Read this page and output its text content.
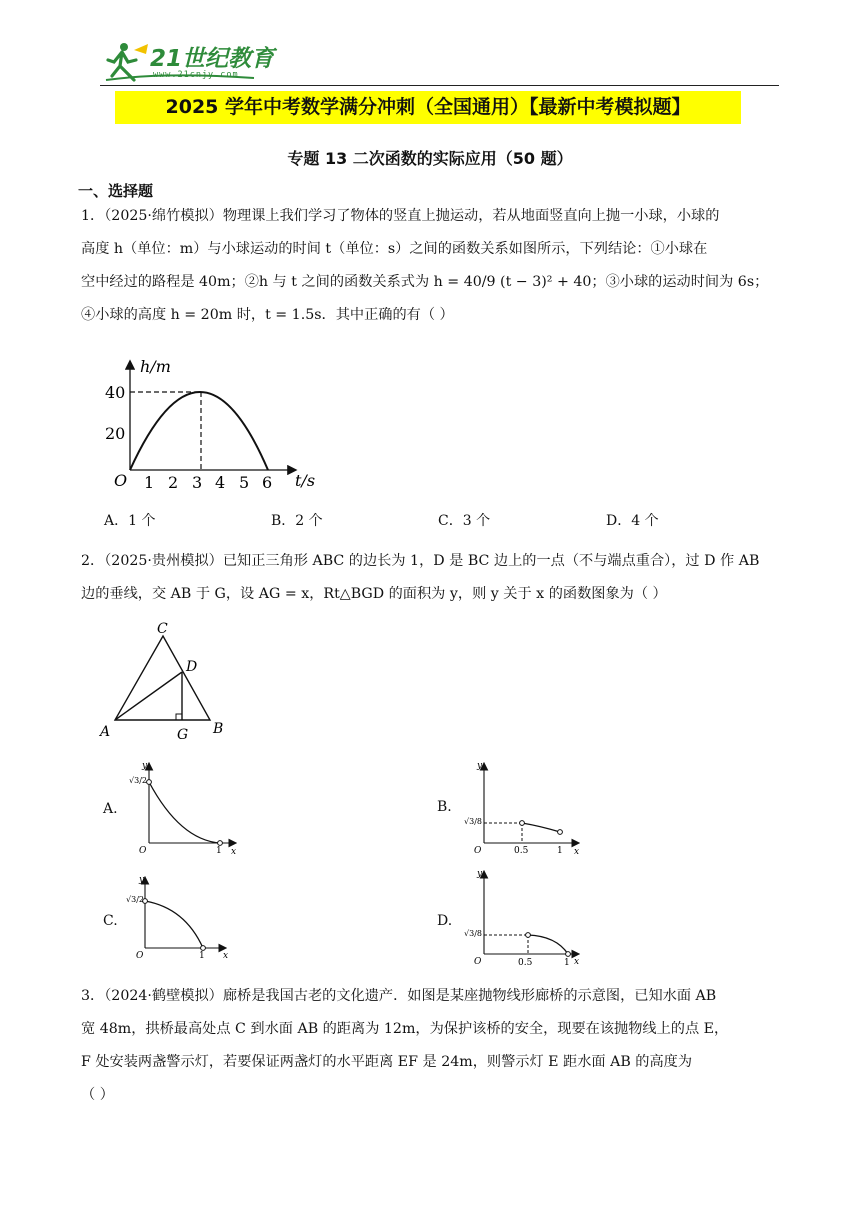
21世纪教育
www.21cnjy.com
2025 学年中考数学满分冲刺（全国通用）【最新中考模拟题】
专题 13 二次函数的实际应用（50 题）
一、选择题
1．（2025·绵竹模拟）物理课上我们学习了物体的竖直上抛运动，若从地面竖直向上抛一小球，小球的
高度 h（单位：m）与小球运动的时间 t（单位：s）之间的函数关系如图所示，下列结论：①小球在
空中经过的路程是 40m；②h 与 t 之间的函数关系式为 h = 40/9 (t − 3)² + 40；③小球的运动时间为 6s；
④小球的高度 h = 20m 时，t = 1.5s．其中正确的有（ ）
h/m
t/s
O
40
20
1 2 3 4 5 6
A．1 个	B．2 个	C．3 个	D．4 个
2．（2025·贵州模拟）已知正三角形 ABC 的边长为 1，D 是 BC 边上的一点（不与端点重合），过 D 作 AB
边的垂线，交 AB 于 G，设 AG = x，Rt△BGD 的面积为 y，则 y 关于 x 的函数图象为（ ）
A	B
C
D
G
A.	B.
C.	D.
y
x
O
√3/2
1
y
x
O
√3/8
0.5	1
y
x
O
√3/2
1
y
x
O
√3/8
0.5	1
3．（2024·鹤壁模拟）廊桥是我国古老的文化遗产．如图是某座抛物线形廊桥的示意图，已知水面 AB
宽 48m，拱桥最高处点 C 到水面 AB 的距离为 12m，为保护该桥的安全，现要在该抛物线上的点 E，
F 处安装两盏警示灯，若要保证两盏灯的水平距离 EF 是 24m，则警示灯 E 距水面 AB 的高度为
（ ）
